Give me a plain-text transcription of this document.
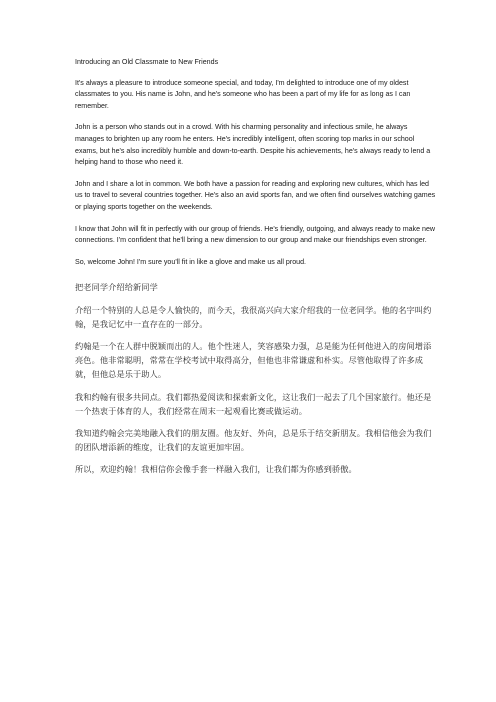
Introducing an Old Classmate to New Friends

It's always a pleasure to introduce someone special, and today, I'm delighted to introduce one of my oldest classmates to you. His name is John, and he's someone who has been a part of my life for as long as I can remember.

John is a person who stands out in a crowd. With his charming personality and infectious smile, he always manages to brighten up any room he enters. He's incredibly intelligent, often scoring top marks in our school exams, but he's also incredibly humble and down-to-earth. Despite his achievements, he's always ready to lend a helping hand to those who need it.

John and I share a lot in common. We both have a passion for reading and exploring new cultures, which has led us to travel to several countries together. He's also an avid sports fan, and we often find ourselves watching games or playing sports together on the weekends.

I know that John will fit in perfectly with our group of friends. He's friendly, outgoing, and always ready to make new connections. I'm confident that he'll bring a new dimension to our group and make our friendships even stronger.

So, welcome John! I'm sure you'll fit in like a glove and make us all proud.

把老同学介绍给新同学

介绍一个特别的人总是令人愉快的，而今天，我很高兴向大家介绍我的一位老同学。他的名字叫约翰，是我记忆中一直存在的一部分。

约翰是一个在人群中脱颖而出的人。他个性迷人，笑容感染力强，总是能为任何他进入的房间增添亮色。他非常聪明，常常在学校考试中取得高分，但他也非常谦虚和朴实。尽管他取得了许多成就，但他总是乐于助人。

我和约翰有很多共同点。我们都热爱阅读和探索新文化，这让我们一起去了几个国家旅行。他还是一个热衷于体育的人，我们经常在周末一起观看比赛或做运动。

我知道约翰会完美地融入我们的朋友圈。他友好、外向，总是乐于结交新朋友。我相信他会为我们的团队增添新的维度，让我们的友谊更加牢固。

所以，欢迎约翰！我相信你会像手套一样融入我们，让我们都为你感到骄傲。
